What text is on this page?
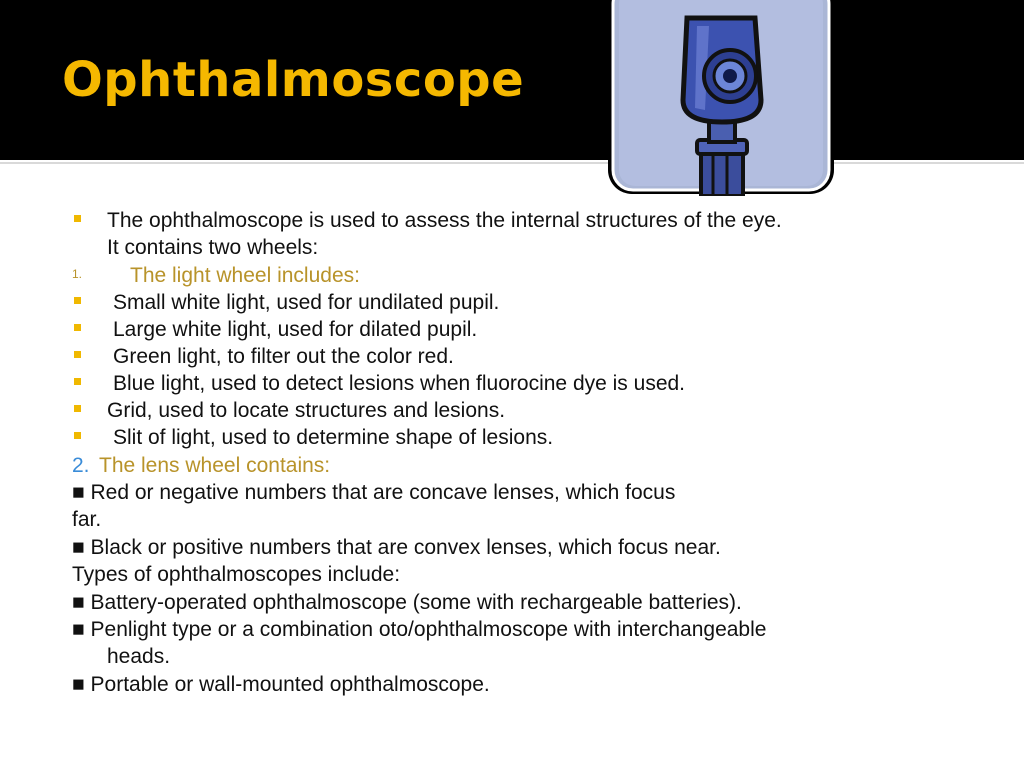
Ophthalmoscope
The ophthalmoscope is used to assess the internal structures of the eye.
It contains two wheels:
1. The light wheel includes:
Small white light, used for undilated pupil.
Large white light, used for dilated pupil.
Green light, to filter out the color red.
Blue light, used to detect lesions when fluorocine dye is used.
Grid, used to locate structures and lesions.
Slit of light, used to determine shape of lesions.
2. The lens wheel contains:
■ Red or negative numbers that are concave lenses, which focus
far.
■ Black or positive numbers that are convex lenses, which focus near.
Types of ophthalmoscopes include:
■ Battery-operated ophthalmoscope (some with rechargeable batteries).
■ Penlight type or a combination oto/ophthalmoscope with interchangeable
heads.
■ Portable or wall-mounted ophthalmoscope.
